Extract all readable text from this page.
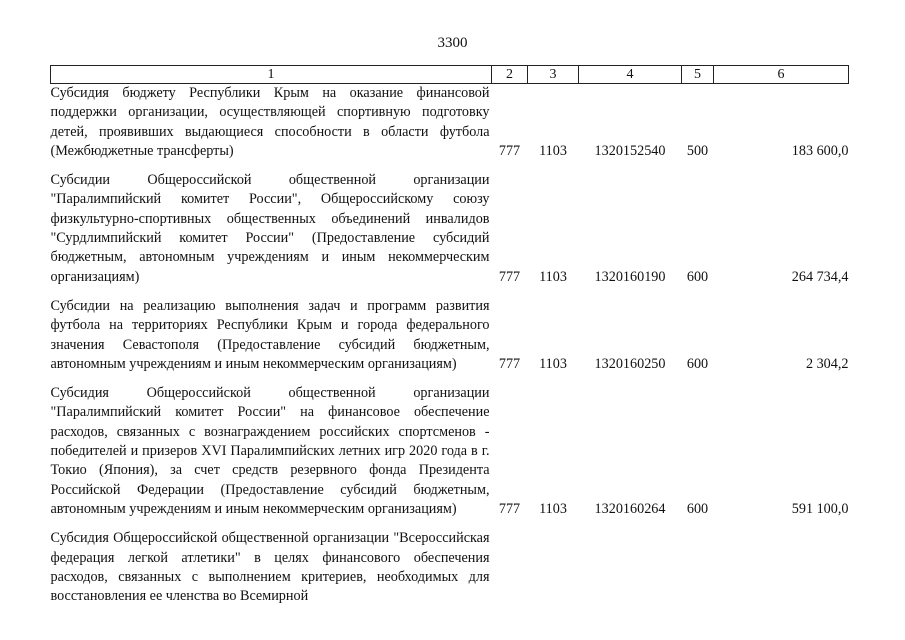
3300
1	2	3	4	5	6
Субсидия бюджету Республики Крым на оказание финансовой поддержки организации, осуществляющей спортивную подготовку детей, проявивших выдающиеся способности в области футбола (Межбюджетные трансферты)	777	1103	1320152540	500	183 600,0
Субсидии Общероссийской общественной организации "Паралимпийский комитет России", Общероссийскому союзу физкультурно-спортивных общественных объединений инвалидов "Сурдлимпийский комитет России" (Предоставление субсидий бюджетным, автономным учреждениям и иным некоммерческим организациям)	777	1103	1320160190	600	264 734,4
Субсидии на реализацию выполнения задач и программ развития футбола на территориях Республики Крым и города федерального значения Севастополя (Предоставление субсидий бюджетным, автономным учреждениям и иным некоммерческим организациям)	777	1103	1320160250	600	2 304,2
Субсидия Общероссийской общественной организации "Паралимпийский комитет России" на финансовое обеспечение расходов, связанных с вознаграждением российских спортсменов - победителей и призеров XVI Паралимпийских летних игр 2020 года в г. Токио (Япония), за счет средств резервного фонда Президента Российской Федерации (Предоставление субсидий бюджетным, автономным учреждениям и иным некоммерческим организациям)	777	1103	1320160264	600	591 100,0
Субсидия Общероссийской общественной организации "Всероссийская федерация легкой атлетики" в целях финансового обеспечения расходов, связанных с выполнением критериев, необходимых для восстановления ее членства во Всемирной					
